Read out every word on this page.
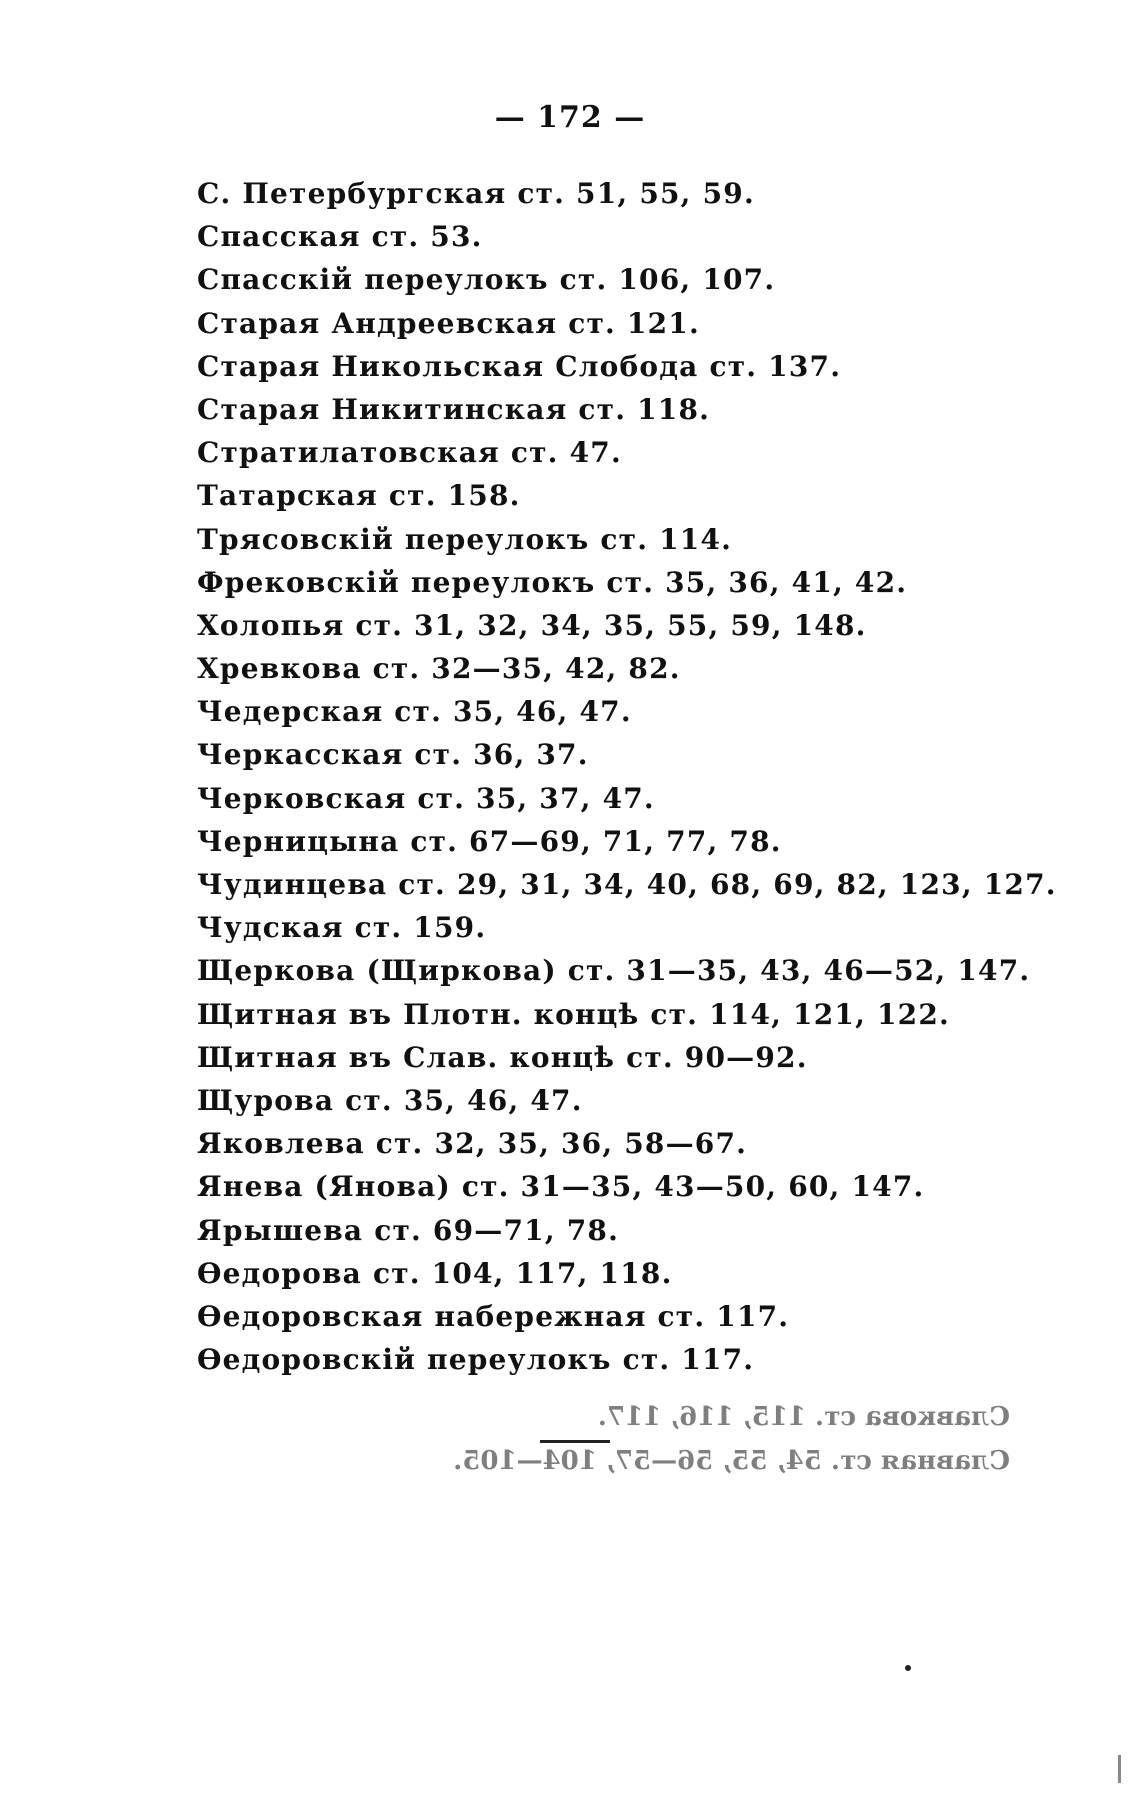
— 172 —
С. Петербургская ст. 51, 55, 59.
Спасская ст. 53.
Спасскій переулокъ ст. 106, 107.
Старая Андреевская ст. 121.
Старая Никольская Слобода ст. 137.
Старая Никитинская ст. 118.
Стратилатовская ст. 47.
Татарская ст. 158.
Трясовскій переулокъ ст. 114.
Фрековскій переулокъ ст. 35, 36, 41, 42.
Холопья ст. 31, 32, 34, 35, 55, 59, 148.
Хревкова ст. 32—35, 42, 82.
Чедерская ст. 35, 46, 47.
Черкасская ст. 36, 37.
Черковская ст. 35, 37, 47.
Черницына ст. 67—69, 71, 77, 78.
Чудинцева ст. 29, 31, 34, 40, 68, 69, 82, 123, 127.
Чудская ст. 159.
Щеркова (Щиркова) ст. 31—35, 43, 46—52, 147.
Щитная въ Плотн. концѣ ст. 114, 121, 122.
Щитная въ Слав. концѣ ст. 90—92.
Щурова ст. 35, 46, 47.
Яковлева ст. 32, 35, 36, 58—67.
Янева (Янова) ст. 31—35, 43—50, 60, 147.
Ярышева ст. 69—71, 78.
Ѳедорова ст. 104, 117, 118.
Ѳедоровская набережная ст. 117.
Ѳедоровскій переулокъ ст. 117.
Славкова ст. 115, 116, 117.
Славная ст. 54, 55, 56—57, 104—105.
